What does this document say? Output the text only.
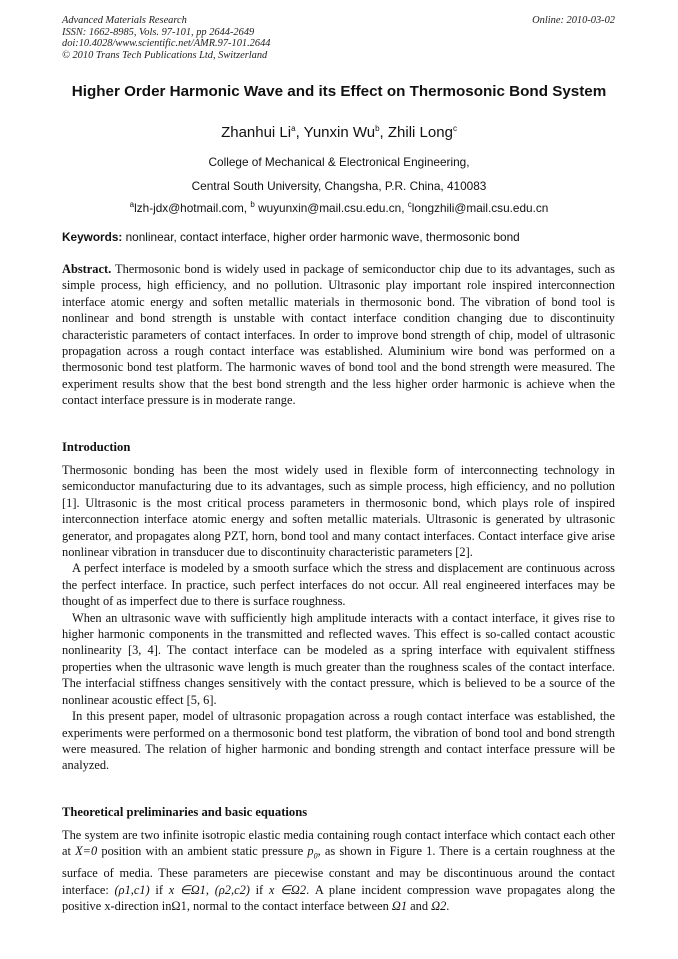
Advanced Materials Research
ISSN: 1662-8985, Vols. 97-101, pp 2644-2649
doi:10.4028/www.scientific.net/AMR.97-101.2644
© 2010 Trans Tech Publications Ltd, Switzerland
Online: 2010-03-02
Higher Order Harmonic Wave and its Effect on Thermosonic Bond System
Zhanhui Li$^a$, Yunxin Wu$^b$, Zhili Long$^c$
College of Mechanical & Electronical Engineering,
Central South University, Changsha, P.R. China, 410083
$^a$lzh-jdx@hotmail.com, $^b$ wuyunxin@mail.csu.edu.cn, $^c$longzhili@mail.csu.edu.cn
Keywords: nonlinear, contact interface, higher order harmonic wave, thermosonic bond

Abstract. Thermosonic bond is widely used in package of semiconductor chip due to its advantages, such as simple process, high efficiency, and no pollution. Ultrasonic play important role inspired interconnection interface atomic energy and soften metallic materials in thermosonic bond. The vibration of bond tool is nonlinear and bond strength is unstable with contact interface condition changing due to discontinuity characteristic parameters of contact interfaces. In order to improve bond strength of chip, model of ultrasonic propagation across a rough contact interface was established. Aluminium wire bond was performed on a thermosonic bond test platform. The harmonic waves of bond tool and the bond strength were measured. The experiment results show that the best bond strength and the less higher order harmonic is achieve when the contact interface pressure is in moderate range.

Introduction

Thermosonic bonding has been the most widely used in flexible form of interconnecting technology in semiconductor manufacturing due to its advantages, such as simple process, high efficiency, and no pollution [1]. Ultrasonic is the most critical process parameters in thermosonic bond, which plays role of inspired interconnection interface atomic energy and soften metallic materials. Ultrasonic is generated by ultrasonic generator, and propagates along PZT, horn, bond tool and many contact interfaces. Contact interface give arise nonlinear vibration in transducer due to discontinuity characteristic parameters [2].

A perfect interface is modeled by a smooth surface which the stress and displacement are continuous across the perfect interface. In practice, such perfect interfaces do not occur. All real engineered interfaces may be thought of as imperfect due to there is surface roughness.

When an ultrasonic wave with sufficiently high amplitude interacts with a contact interface, it gives rise to higher harmonic components in the transmitted and reflected waves. This effect is so-called contact acoustic nonlinearity [3, 4]. The contact interface can be modeled as a spring interface with equivalent stiffness properties when the ultrasonic wave length is much greater than the roughness scales of the contact interface. The interfacial stiffness changes sensitively with the contact pressure, which is believed to be a source of the nonlinear acoustic effect [5, 6].

In this present paper, model of ultrasonic propagation across a rough contact interface was established, the experiments were performed on a thermosonic bond test platform, the vibration of bond tool and bond strength were measured. The relation of higher harmonic and bonding strength and contact interface pressure will be analyzed.

Theoretical preliminaries and basic equations

The system are two infinite isotropic elastic media containing rough contact interface which contact each other at X=0 position with an ambient static pressure $p_0$, as shown in Figure 1. There is a certain roughness at the surface of media. These parameters are piecewise constant and may be discontinuous around the contact interface: (ρ1,c1) if x ∈Ω1, (ρ2,c2) if x ∈Ω2. A plane incident compression wave propagates along the positive x-direction inΩ1, normal to the contact interface between Ω1 and Ω2.
